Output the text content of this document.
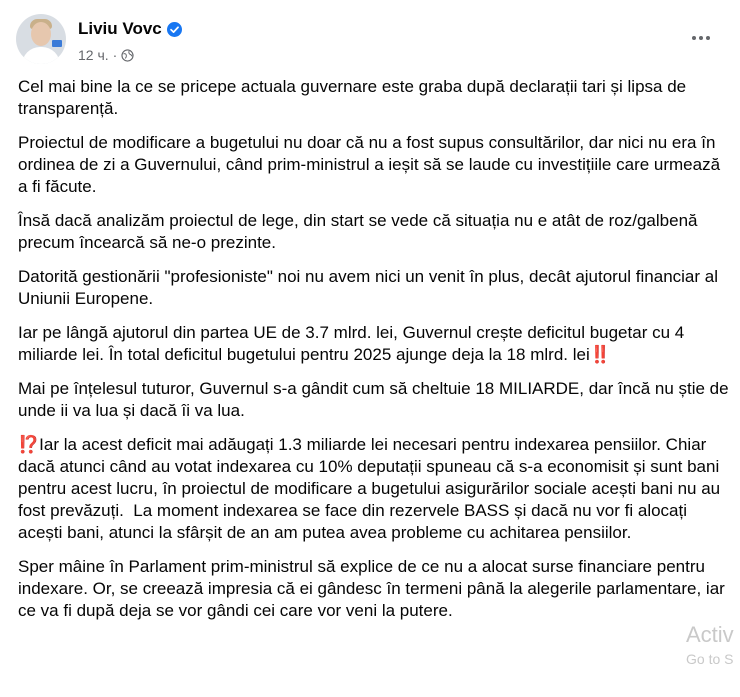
Liviu Vovc
12 ч. ·

Cel mai bine la ce se pricepe actuala guvernare este graba după declarații tari și lipsa de transparență.

Proiectul de modificare a bugetului nu doar că nu a fost supus consultărilor, dar nici nu era în ordinea de zi a Guvernului, când prim-ministrul a ieșit să se laude cu investițiile care urmează a fi făcute.

Însă dacă analizăm proiectul de lege, din start se vede că situația nu e atât de roz/galbenă precum încearcă să ne-o prezinte.

Datorită gestionării "profesioniste" noi nu avem nici un venit în plus, decât ajutorul financiar al Uniunii Europene.

Iar pe lângă ajutorul din partea UE de 3.7 mlrd. lei, Guvernul crește deficitul bugetar cu 4 miliarde lei. În total deficitul bugetului pentru 2025 ajunge deja la 18 mlrd. lei‼️

Mai pe înțelesul tuturor, Guvernul s-a gândit cum să cheltuie 18 MILIARDE, dar încă nu știe de unde ii va lua și dacă îi va lua.

⁉️Iar la acest deficit mai adăugați 1.3 miliarde lei necesari pentru indexarea pensiilor. Chiar dacă atunci când au votat indexarea cu 10% deputații spuneau că s-a economisit și sunt bani pentru acest lucru, în proiectul de modificare a bugetului asigurărilor sociale acești bani nu au fost prevăzuți.  La moment indexarea se face din rezervele BASS și dacă nu vor fi alocați acești bani, atunci la sfârșit de an am putea avea probleme cu achitarea pensiilor.

Sper mâine în Parlament prim-ministrul să explice de ce nu a alocat surse financiare pentru indexare. Or, se creează impresia că ei gândesc în termeni până la alegerile parlamentare, iar ce va fi după deja se vor gândi cei care vor veni la putere.

Activ
Go to S
